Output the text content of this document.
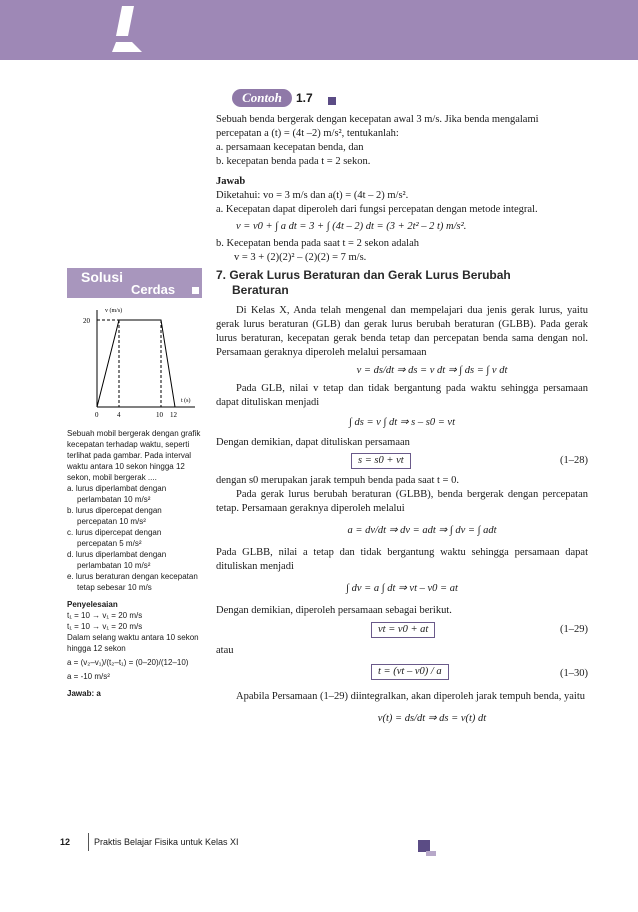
Contoh	1.7

Sebuah benda bergerak dengan kecepatan awal 3 m/s. Jika benda mengalami

percepatan a (t) = (4t –2) m/s², tentukanlah:

a. persamaan kecepatan benda, dan

b. kecepatan benda pada t = 2 sekon.

Jawab

Diketahui: vo = 3 m/s dan a(t) = (4t – 2) m/s².

a. Kecepatan dapat diperoleh dari fungsi percepatan dengan metode integral.

v = v0 + ∫ a dt = 3 + ∫ (4t – 2) dt = (3 + 2t² – 2 t) m/s².

b. Kecepatan benda pada saat t = 2 sekon adalah

v = 3 + (2)(2)² – (2)(2) = 7 m/s.

Solusi
Cerdas
v (m/s)
t (s)
20
0	4	10 12
Sebuah mobil bergerak dengan grafik kecepatan terhadap waktu, seperti terlihat pada gambar. Pada interval waktu antara 10 sekon hingga 12 sekon, mobil bergerak ....
a. lurus diperlambat dengan perlambatan 10 m/s²
b. lurus dipercepat dengan percepatan 10 m/s²
c. lurus dipercepat dengan percepatan 5 m/s²
d. lurus diperlambat dengan perlambatan 10 m/s²
e. lurus beraturan dengan kecepatan tetap sebesar 10 m/s
Penyelesaian
t₁ = 10 → v₁ = 20 m/s
t₁ = 10 → v₁ = 20 m/s
Dalam selang waktu antara 10 sekon hingga 12 sekon
a = (v₂–v₁)/(t₂–t₁) = (0–20)/(12–10)
a = -10 m/s²
Jawab: a
7. Gerak Lurus Beraturan dan Gerak Lurus Berubah
Beraturan

Di Kelas X, Anda telah mengenal dan mempelajari dua jenis gerak lurus, yaitu gerak lurus beraturan (GLB) dan gerak lurus berubah beraturan (GLBB). Pada gerak lurus beraturan, kecepatan gerak benda tetap dan percepatan benda sama dengan nol. Persamaan geraknya diperoleh melalui persamaan

v = ds/dt ⇒ ds = v dt ⇒ ∫ ds = ∫ v dt

Pada GLB, nilai v tetap dan tidak bergantung pada waktu sehingga persamaan dapat dituliskan menjadi

∫ ds = v ∫ dt ⇒ s – s0 = vt

Dengan demikian, dapat dituliskan persamaan

s = s0 + vt	(1–28)

dengan s0 merupakan jarak tempuh benda pada saat t = 0.

Pada gerak lurus berubah beraturan (GLBB), benda bergerak dengan percepatan tetap. Persamaan geraknya diperoleh melalui

a = dv/dt ⇒ dv = adt ⇒ ∫ dv = ∫ adt

Pada GLBB, nilai a tetap dan tidak bergantung waktu sehingga persamaan dapat dituliskan menjadi

∫ dv = a ∫ dt ⇒ vt – v0 = at

Dengan demikian, diperoleh persamaan sebagai berikut.

vt = v0 + at	(1–29)

atau

t = (vt – v0) / a	(1–30)

Apabila Persamaan (1–29) diintegralkan, akan diperoleh jarak tempuh benda, yaitu

v(t) = ds/dt ⇒ ds = v(t) dt

12	Praktis Belajar Fisika untuk Kelas XI
